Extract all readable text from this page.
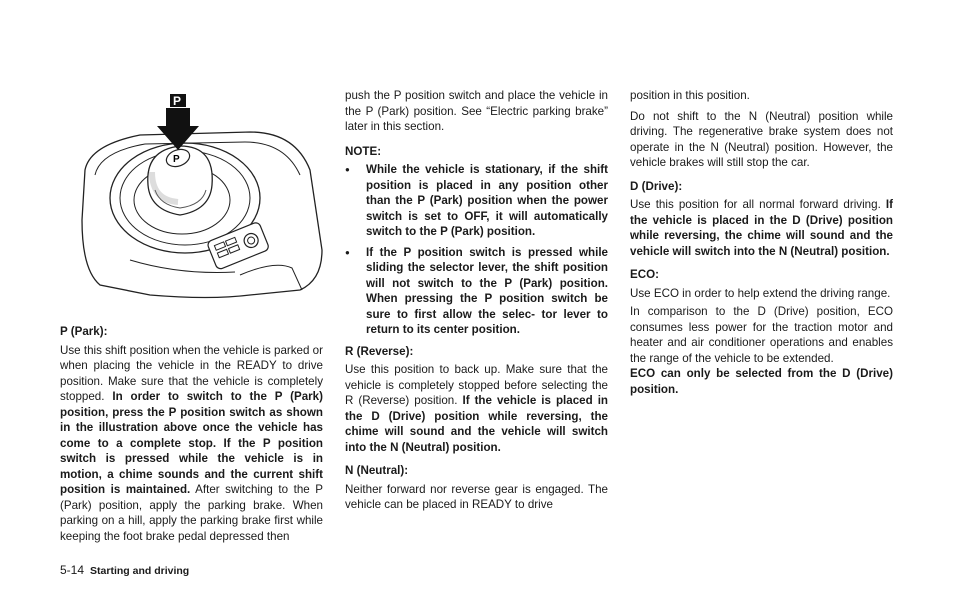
P
P

P (Park):

Use this shift position when the vehicle is parked or when placing the vehicle in the READY to drive position. Make sure that the vehicle is completely stopped. In order to switch to the P (Park) position, press the P position switch as shown in the illustration above once the vehicle has come to a complete stop. If the P position switch is pressed while the vehicle is in motion, a chime sounds and the current shift position is maintained. After switching to the P (Park) position, apply the parking brake. When parking on a hill, apply the parking brake first while keeping the foot brake pedal depressed then

push the P position switch and place the vehicle in the P (Park) position. See “Electric parking brake” later in this section.

NOTE:

● While the vehicle is stationary, if the shift position is placed in any position other than the P (Park) position when the power switch is set to OFF, it will automatically switch to the P (Park) position.
● If the P position switch is pressed while sliding the selector lever, the shift position will not switch to the P (Park) position. When pressing the P position switch be sure to first allow the selec- tor lever to return to its center position.

R (Reverse):

Use this position to back up. Make sure that the vehicle is completely stopped before selecting the R (Reverse) position. If the vehicle is placed in the D (Drive) position while reversing, the chime will sound and the vehicle will switch into the N (Neutral) position.

N (Neutral):

Neither forward nor reverse gear is engaged. The vehicle can be placed in READY to drive

position in this position.

Do not shift to the N (Neutral) position while driving. The regenerative brake system does not operate in the N (Neutral) position. However, the vehicle brakes will still stop the car.

D (Drive):

Use this position for all normal forward driving. If the vehicle is placed in the D (Drive) position while reversing, the chime will sound and the vehicle will switch into the N (Neutral) position.

ECO:

Use ECO in order to help extend the driving range.

In comparison to the D (Drive) position, ECO consumes less power for the traction motor and heater and air conditioner operations and enables the range of the vehicle to be extended.

ECO can only be selected from the D (Drive) position.

5-14 Starting and driving
